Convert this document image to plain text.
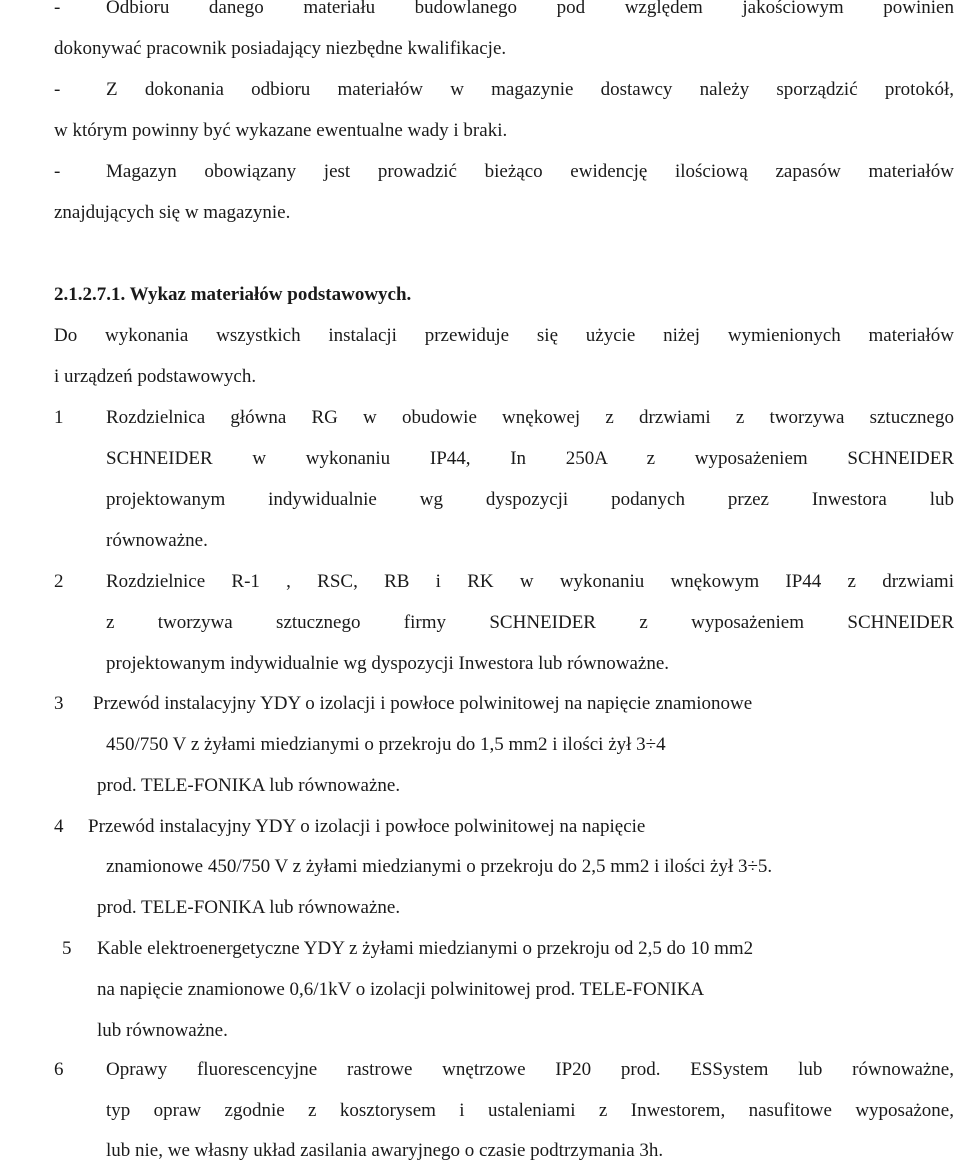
- Odbioru danego materiału budowlanego pod względem jakościowym powinien
dokonywać pracownik posiadający niezbędne kwalifikacje.
- Z dokonania odbioru materiałów w magazynie dostawcy należy sporządzić protokół,
w którym powinny być wykazane ewentualne wady i braki.
- Magazyn obowiązany jest prowadzić bieżąco ewidencję ilościową zapasów materiałów
znajdujących się w magazynie.
2.1.2.7.1. Wykaz materiałów podstawowych.
Do wykonania wszystkich instalacji przewiduje się użycie niżej wymienionych materiałów
i urządzeń podstawowych.
1 Rozdzielnica główna RG w obudowie wnękowej z drzwiami z tworzywa sztucznego
SCHNEIDER w wykonaniu IP44, In 250A z wyposażeniem SCHNEIDER
projektowanym indywidualnie wg dyspozycji podanych przez Inwestora lub
równoważne.
2 Rozdzielnice R-1 , RSC, RB i RK w wykonaniu wnękowym IP44 z drzwiami
z tworzywa sztucznego firmy SCHNEIDER z wyposażeniem SCHNEIDER
projektowanym indywidualnie wg dyspozycji Inwestora lub równoważne.
3 Przewód instalacyjny YDY o izolacji i powłoce polwinitowej na napięcie znamionowe
450/750 V z żyłami miedzianymi o przekroju do 1,5 mm2 i ilości żył 3÷4
prod. TELE-FONIKA lub równoważne.
4 Przewód instalacyjny YDY o izolacji i powłoce polwinitowej na napięcie
znamionowe 450/750 V z żyłami miedzianymi o przekroju do 2,5 mm2 i ilości żył 3÷5.
prod. TELE-FONIKA lub równoważne.
5 Kable elektroenergetyczne YDY z żyłami miedzianymi o przekroju od 2,5 do 10 mm2
na napięcie znamionowe 0,6/1kV o izolacji polwinitowej prod. TELE-FONIKA
lub równoważne.
6 Oprawy fluorescencyjne rastrowe wnętrzowe IP20 prod. ESSystem lub równoważne,
typ opraw zgodnie z kosztorysem i ustaleniami z Inwestorem, nasufitowe wyposażone,
lub nie, we własny układ zasilania awaryjnego o czasie podtrzymania 3h.
